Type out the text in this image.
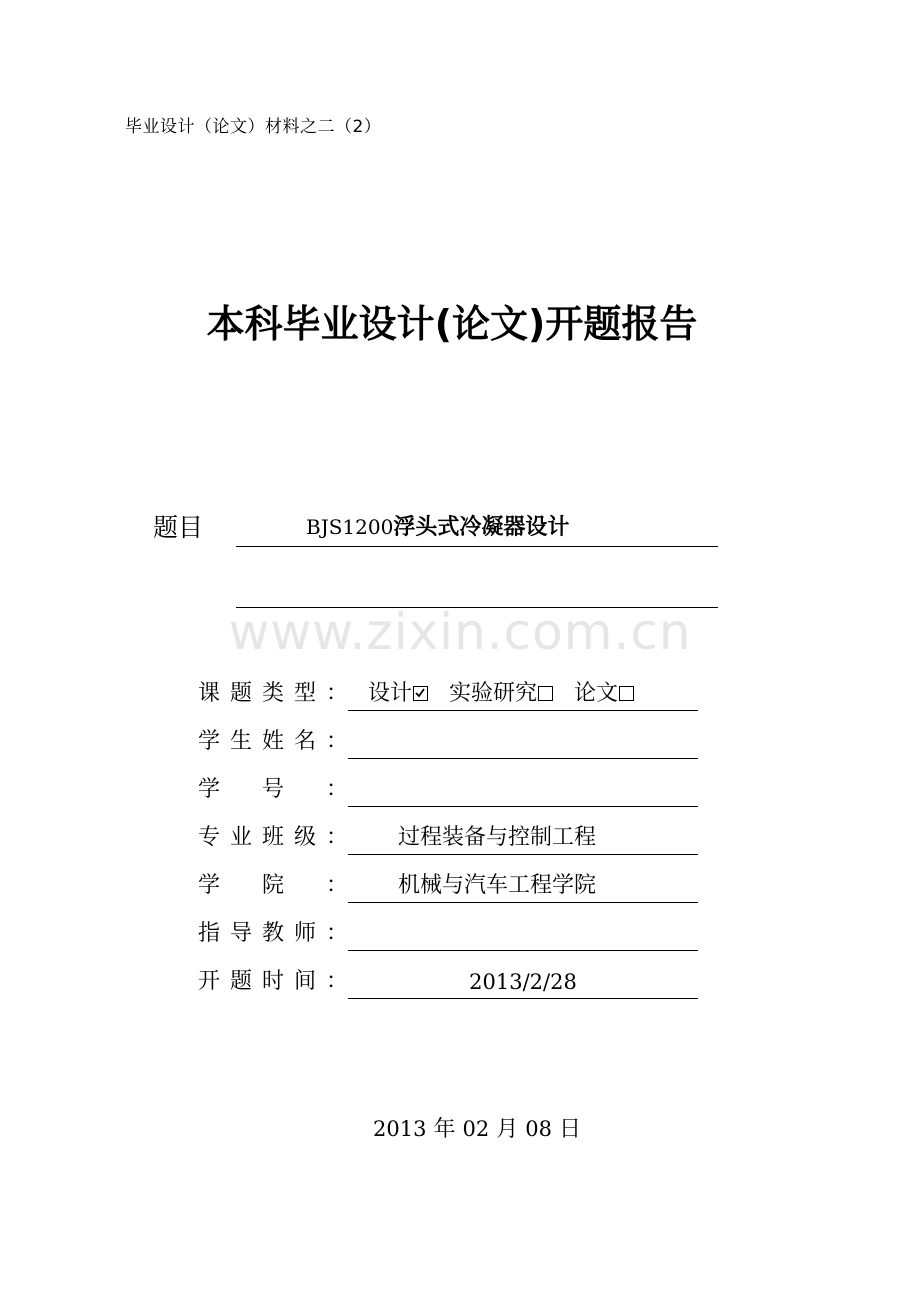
毕业设计（论文）材料之二（2）
本科毕业设计(论文)开题报告
题目	BJS1200浮头式冷凝器设计
www.zixin.com.cn
课题类型： 设计 实验研究 论文
学生姓名：
学号：
专业班级：	过程装备与控制工程
学院：	机械与汽车工程学院
指导教师：
开题时间：	2013/2/28
2013 年 02 月 08 日
